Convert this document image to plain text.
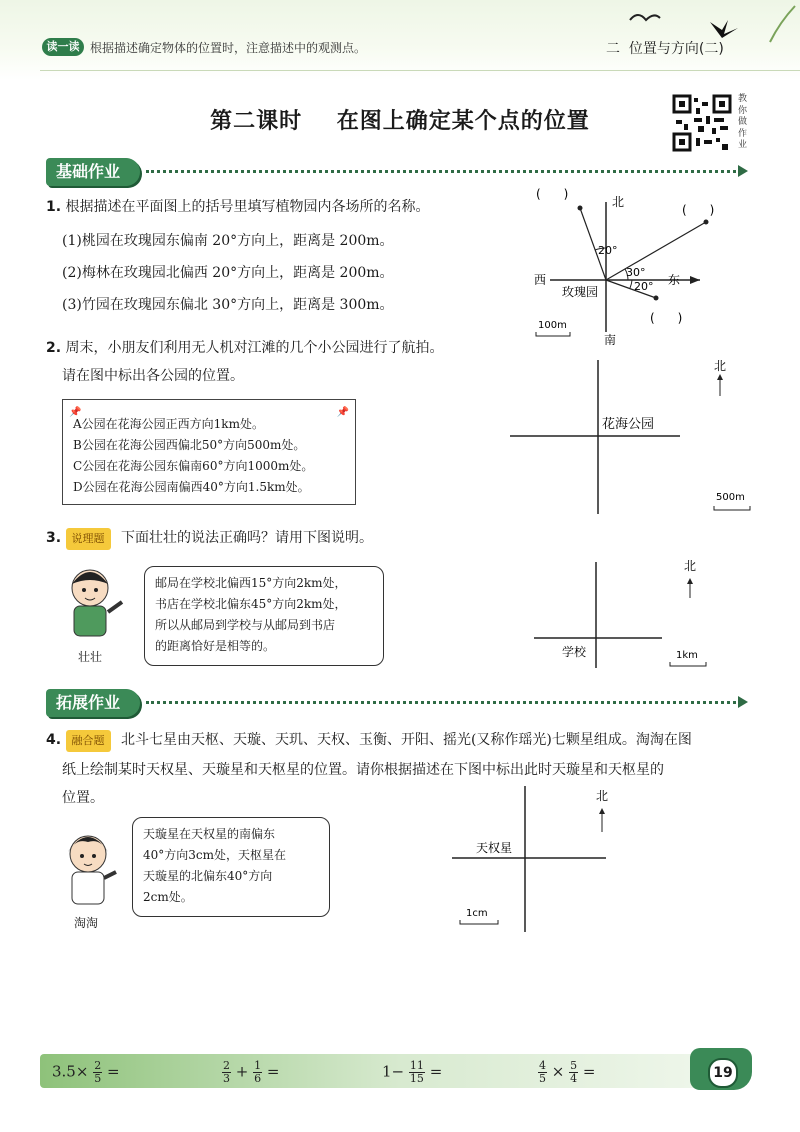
读一读 根据描述确定物体的位置时，注意描述中的观测点。	二  位置与方向(二)
第二课时    在图上确定某个点的位置
教你做作业
基础作业
1. 根据描述在平面图上的括号里填写植物园内各场所的名称。
(1)桃园在玫瑰园东偏南 20°方向上，距离是 200m。
(2)梅林在玫瑰园北偏西 20°方向上，距离是 200m。
(3)竹园在玫瑰园东偏北 30°方向上，距离是 300m。
北
南
西	东
玫瑰园
20°
30°
20°
(      )
(      )
(      )
100m
2. 周末，小朋友们利用无人机对江滩的几个小公园进行了航拍。
请在图中标出各公园的位置。
📌	📌
A公园在花海公园正西方向1km处。
B公园在花海公园西偏北50°方向500m处。
C公园在花海公园东偏南60°方向1000m处。
D公园在花海公园南偏西40°方向1.5km处。
花海公园
北
500m
3. 说理题 下面壮壮的说法正确吗？请用下图说明。
壮壮
邮局在学校北偏西15°方向2km处，
书店在学校北偏东45°方向2km处，
所以从邮局到学校与从邮局到书店
的距离恰好是相等的。	学校
北
1km
拓展作业
4. 融合题 北斗七星由天枢、天璇、天玑、天权、玉衡、开阳、摇光(又称作瑶光)七颗星组成。淘淘在图
纸上绘制某时天权星、天璇星和天枢星的位置。请你根据描述在下图中标出此时天璇星和天枢星的
位置。
淘淘
天璇星在天权星的南偏东
40°方向3cm处，天枢星在
天璇星的北偏东40°方向
2cm处。
天权星
北
1cm
19
$3.5\times \frac{2}{5}$ =	$\frac{2}{3} + \frac{1}{6}$ =	$1- \frac{11}{15}$ =	$\frac{4}{5} \times \frac{5}{4}$ =
